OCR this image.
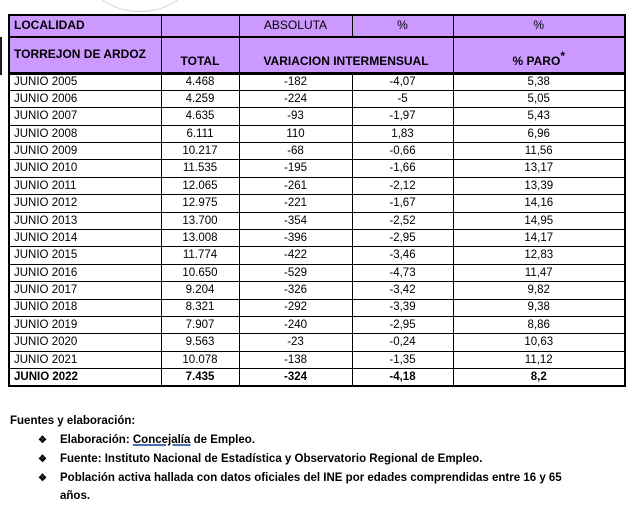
LOCALIDAD		ABSOLUTA	%	%
TORREJON DE ARDOZ	TOTAL	VARIACION INTERMENSUAL		% PARO*
JUNIO 2005	4.468	-182	-4,07	5,38
JUNIO 2006	4.259	-224	-5	5,05
JUNIO 2007	4.635	-93	-1,97	5,43
JUNIO 2008	6.111	110	1,83	6,96
JUNIO 2009	10.217	-68	-0,66	11,56
JUNIO 2010	11.535	-195	-1,66	13,17
JUNIO 2011	12.065	-261	-2,12	13,39
JUNIO 2012	12.975	-221	-1,67	14,16
JUNIO 2013	13.700	-354	-2,52	14,95
JUNIO 2014	13.008	-396	-2,95	14,17
JUNIO 2015	11.774	-422	-3,46	12,83
JUNIO 2016	10.650	-529	-4,73	11,47
JUNIO 2017	9.204	-326	-3,42	9,82
JUNIO 2018	8.321	-292	-3,39	9,38
JUNIO 2019	7.907	-240	-2,95	8,86
JUNIO 2020	9.563	-23	-0,24	10,63
JUNIO 2021	10.078	-138	-1,35	11,12
JUNIO 2022	7.435	-324	-4,18	8,2
Fuentes y elaboración:
❖	Elaboración: Concejalía de Empleo.
❖	Fuente: Instituto Nacional de Estadística y Observatorio Regional de Empleo.
❖	Población activa hallada con datos oficiales del INE por edades comprendidas entre 16 y 65 años.
